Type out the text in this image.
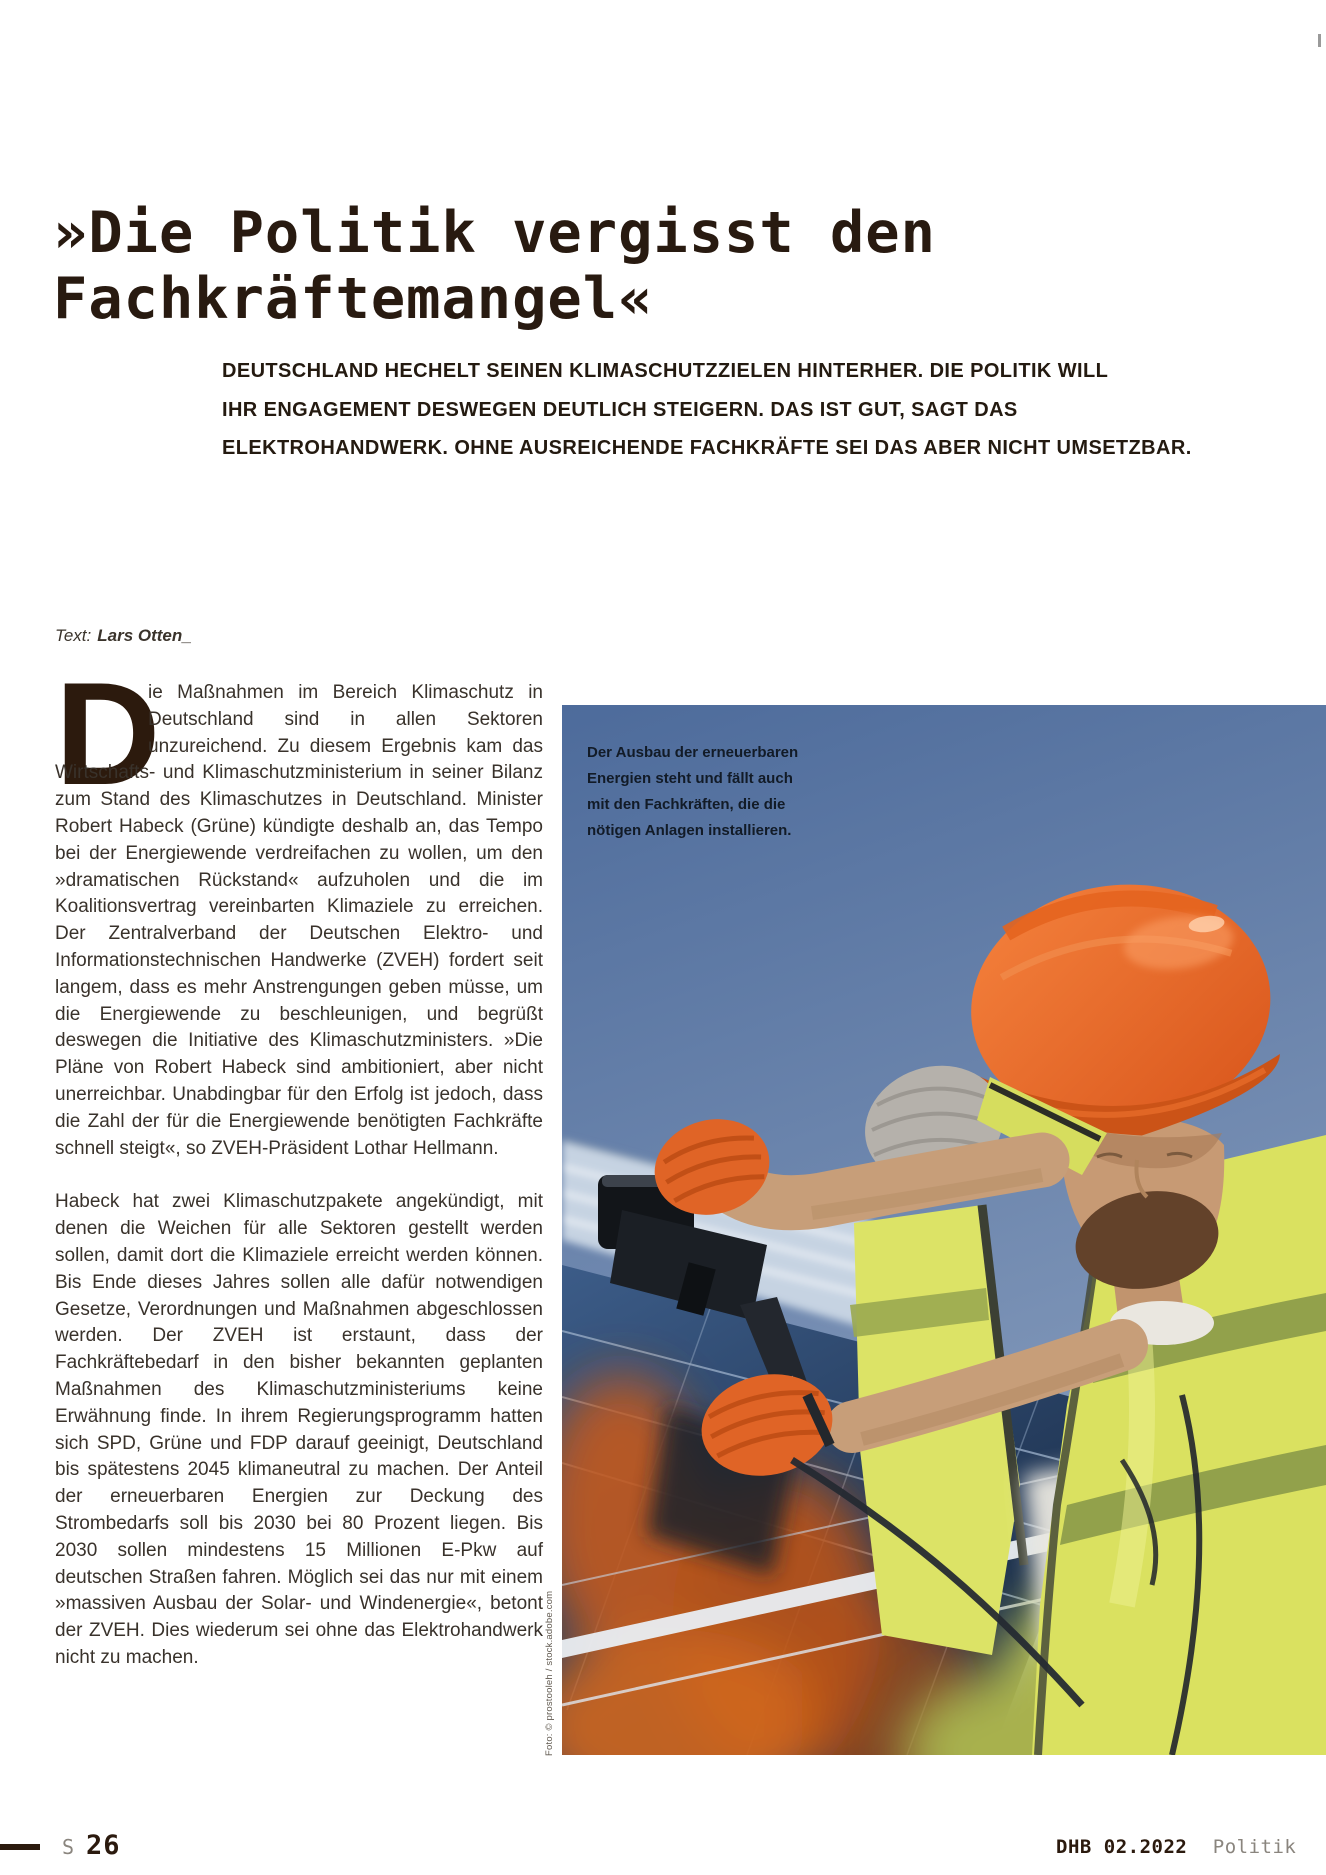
»Die Politik vergisst den
Fachkräftemangel«
DEUTSCHLAND HECHELT SEINEN KLIMASCHUTZZIELEN HINTERHER. DIE POLITIK WILL
IHR ENGAGEMENT DESWEGEN DEUTLICH STEIGERN. DAS IST GUT, SAGT DAS
ELEKTROHANDWERK. OHNE AUSREICHENDE FACHKRÄFTE SEI DAS ABER NICHT UMSETZBAR.
Text: Lars Otten_

D
ie Maßnahmen im Bereich Klimaschutz in Deutschland sind in allen Sektoren unzureichend. Zu diesem Ergebnis kam das Wirtschafts- und Klimaschutzministerium in seiner Bilanz zum Stand des Klimaschutzes in Deutschland. Minister Robert Habeck (Grüne) kündigte deshalb an, das Tempo bei der Energiewende verdreifachen zu wollen, um den »dramatischen Rückstand« aufzuholen und die im Koalitionsvertrag vereinbarten Klimaziele zu erreichen. Der Zentralverband der Deutschen Elektro- und Informationstechnischen Handwerke (ZVEH) fordert seit langem, dass es mehr Anstrengungen geben müsse, um die Energiewende zu beschleunigen, und begrüßt deswegen die Initiative des Klimaschutzministers. »Die Pläne von Robert Habeck sind ambitioniert, aber nicht unerreichbar. Unabdingbar für den Erfolg ist jedoch, dass die Zahl der für die Energiewende benötigten Fachkräfte schnell steigt«, so ZVEH-Präsident Lothar Hellmann.

Habeck hat zwei Klimaschutzpakete angekündigt, mit denen die Weichen für alle Sektoren gestellt werden sollen, damit dort die Klimaziele erreicht werden können. Bis Ende dieses Jahres sollen alle dafür notwendigen Gesetze, Verordnungen und Maßnahmen abgeschlossen werden. Der ZVEH ist erstaunt, dass der Fachkräftebedarf in den bisher bekannten geplanten Maßnahmen des Klimaschutzministeriums keine Erwähnung finde. In ihrem Regierungsprogramm hatten sich SPD, Grüne und FDP darauf geeinigt, Deutschland bis spätestens 2045 klimaneutral zu machen. Der Anteil der erneuerbaren Energien zur Deckung des Strombedarfs soll bis 2030 bei 80 Prozent liegen. Bis 2030 sollen mindestens 15 Millionen E-Pkw auf deutschen Straßen fahren. Möglich sei das nur mit einem »massiven Ausbau der Solar- und Windenergie«, betont der ZVEH. Dies wiederum sei ohne das Elektrohandwerk nicht zu machen.

Der Ausbau der erneuerbaren
Energien steht und fällt auch
mit den Fachkräften, die die
nötigen Anlagen installieren.
Foto: © prostooleh / stock.adobe.com
S 26	DHB 02.2022 Politik
